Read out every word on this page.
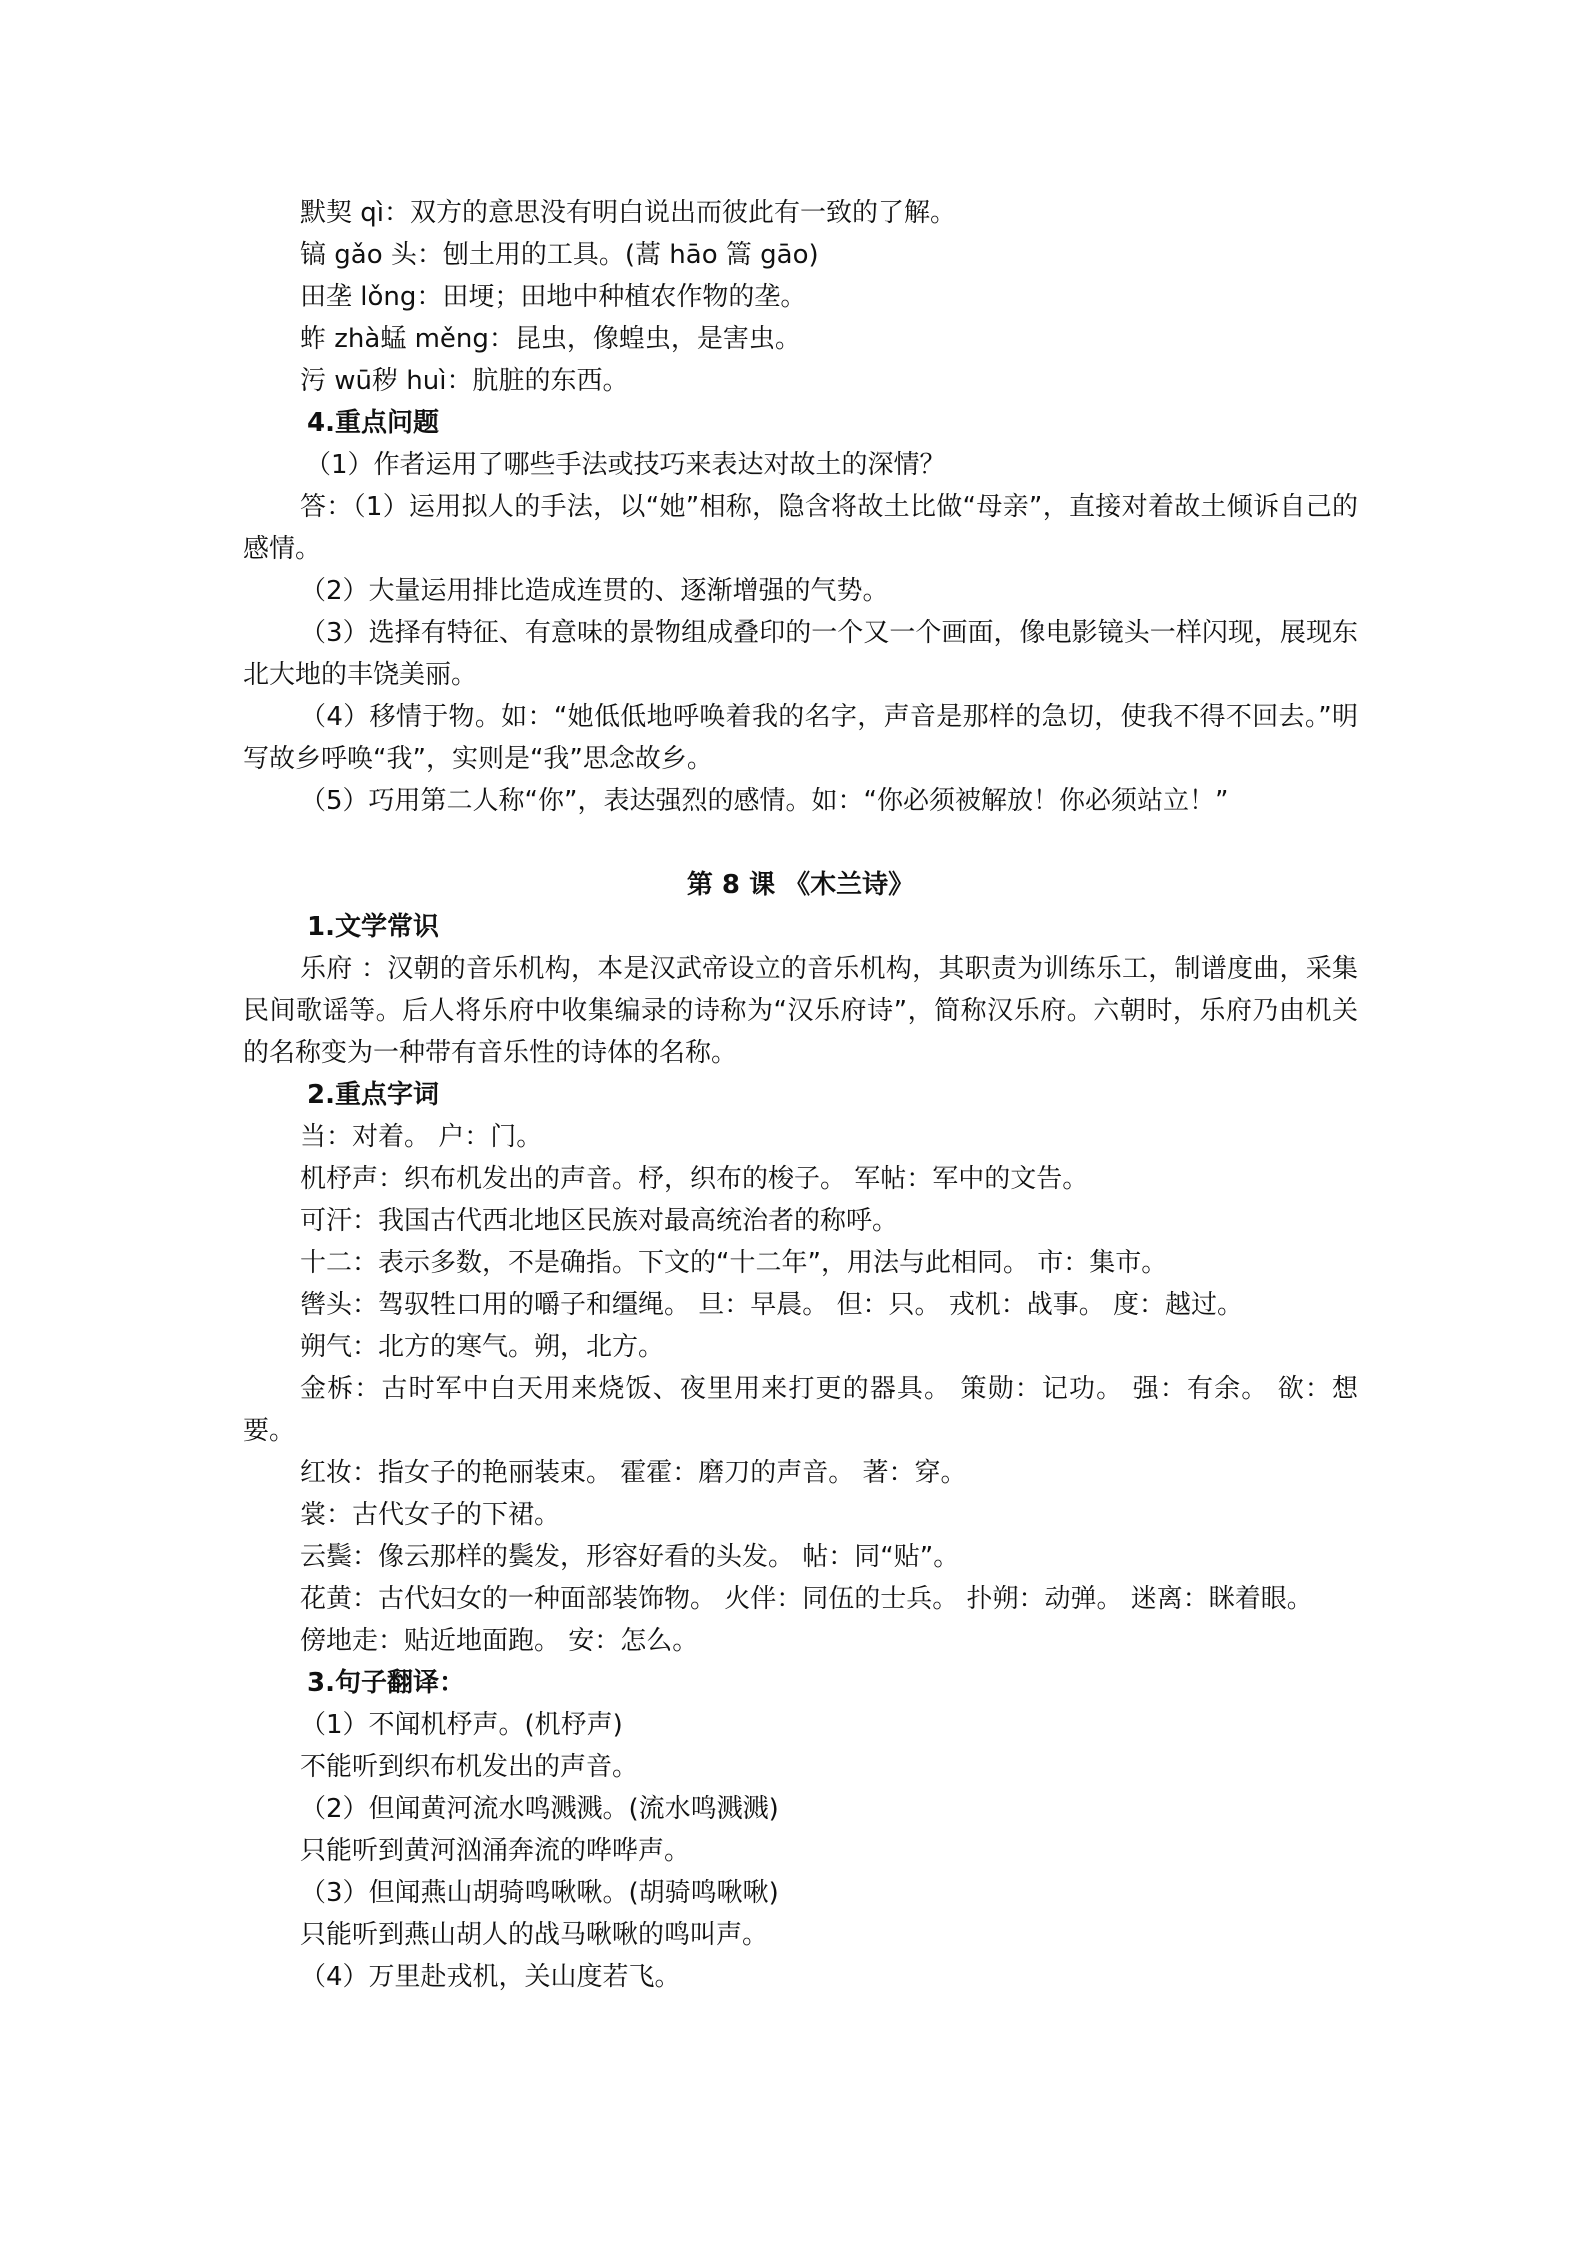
默契 qì：双方的意思没有明白说出而彼此有一致的了解。
镐 gǎo 头：刨土用的工具。(蒿 hāo 篙 gāo)
田垄 lǒng：田埂；田地中种植农作物的垄。
蚱 zhà蜢 měng：昆虫，像蝗虫，是害虫。
污 wū秽 huì：肮脏的东西。
4.重点问题
（1）作者运用了哪些手法或技巧来表达对故土的深情？
答：（1）运用拟人的手法，以“她”相称，隐含将故土比做“母亲”，直接对着故土倾诉自己的感情。
（2）大量运用排比造成连贯的、逐渐增强的气势。
（3）选择有特征、有意味的景物组成叠印的一个又一个画面，像电影镜头一样闪现，展现东北大地的丰饶美丽。
（4）移情于物。如：“她低低地呼唤着我的名字，声音是那样的急切，使我不得不回去。”明写故乡呼唤“我”，实则是“我”思念故乡。
（5）巧用第二人称“你”，表达强烈的感情。如：“你必须被解放！你必须站立！”
第 8 课 《木兰诗》
1.文学常识
乐府 ：汉朝的音乐机构，本是汉武帝设立的音乐机构，其职责为训练乐工，制谱度曲，采集民间歌谣等。后人将乐府中收集编录的诗称为“汉乐府诗”，简称汉乐府。六朝时，乐府乃由机关的名称变为一种带有音乐性的诗体的名称。
2.重点字词
当：对着。 户：门。
机杼声：织布机发出的声音。杼，织布的梭子。 军帖：军中的文告。
可汗：我国古代西北地区民族对最高统治者的称呼。
十二：表示多数，不是确指。下文的“十二年”，用法与此相同。 市：集市。
辔头：驾驭牲口用的嚼子和缰绳。 旦：早晨。 但：只。 戎机：战事。 度：越过。
朔气：北方的寒气。朔，北方。
金柝：古时军中白天用来烧饭、夜里用来打更的器具。 策勋：记功。 强：有余。 欲：想要。
红妆：指女子的艳丽装束。 霍霍：磨刀的声音。 著：穿。
裳：古代女子的下裙。
云鬓：像云那样的鬓发，形容好看的头发。 帖：同“贴”。
花黄：古代妇女的一种面部装饰物。 火伴：同伍的士兵。 扑朔：动弹。 迷离：眯着眼。
傍地走：贴近地面跑。 安：怎么。
3.句子翻译：
（1）不闻机杼声。(机杼声)
不能听到织布机发出的声音。
（2）但闻黄河流水鸣溅溅。(流水鸣溅溅)
只能听到黄河汹涌奔流的哗哗声。
（3）但闻燕山胡骑鸣啾啾。(胡骑鸣啾啾)
只能听到燕山胡人的战马啾啾的鸣叫声。
（4）万里赴戎机，关山度若飞。
